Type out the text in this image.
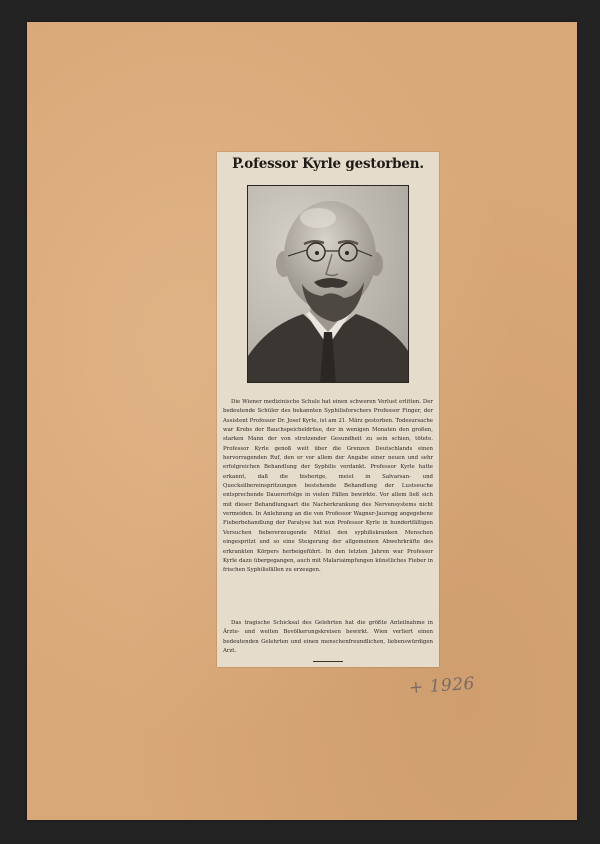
P.ofessor Kyrle gestorben.

Die Wiener medizinische Schule hat einen schweren Verlust erlitten. Der bedeutende Schüler des bekannten Syphilisforschers Professor Finger, der Assistent Professor Dr. Josef Kyrle, ist am 21. März gestorben. Todesursache war Krebs der Bauchspeicheldrüse, der in wenigen Monaten den großen, starken Mann der von strotzender Gesundheit zu sein schien, tötete. Professor Kyrle genoß weit über die Grenzen Deutschlands einen hervorragenden Ruf, den er vor allem der Angabe einer neuen und sehr erfolgreichen Behandlung der Syphilis verdankt. Professor Kyrle hatte erkannt, daß die bisherige, meist in Salvarsan- und Quecksilbereinspritzungen bestehende Behandlung der Lustseuche entsprechende Dauererfolge in vielen Fällen bewirkte. Vor allem ließ sich mit dieser Behandlungsart die Nacherkrankung des Nervensystems nicht vermeiden. In Anlehnung an die von Professor Wagner-Jauregg angegebene Fieberbehandlung der Paralyse hat nun Professor Kyrle in hundertfältigen Versuchen fiebererzeugende Mittel den syphiliskranken Menschen eingespritzt und so eine Steigerung der allgemeinen Abwehrkräfte des erkrankten Körpers herbeigeführt. In den letzten Jahren war Professor Kyrle dazu übergegangen, auch mit Malariaimpfungen künstliches Fieber in frischen Syphilisfällen zu erzeugen.

Das tragische Schicksal des Gelehrten hat die größte Anteilnahme in Ärzte- und weiten Bevölkerungskreisen bewirkt. Wien verliert einen bedeutenden Gelehrten und einen menschenfreundlichen, liebenswürdigen Arzt.

+ 1926
